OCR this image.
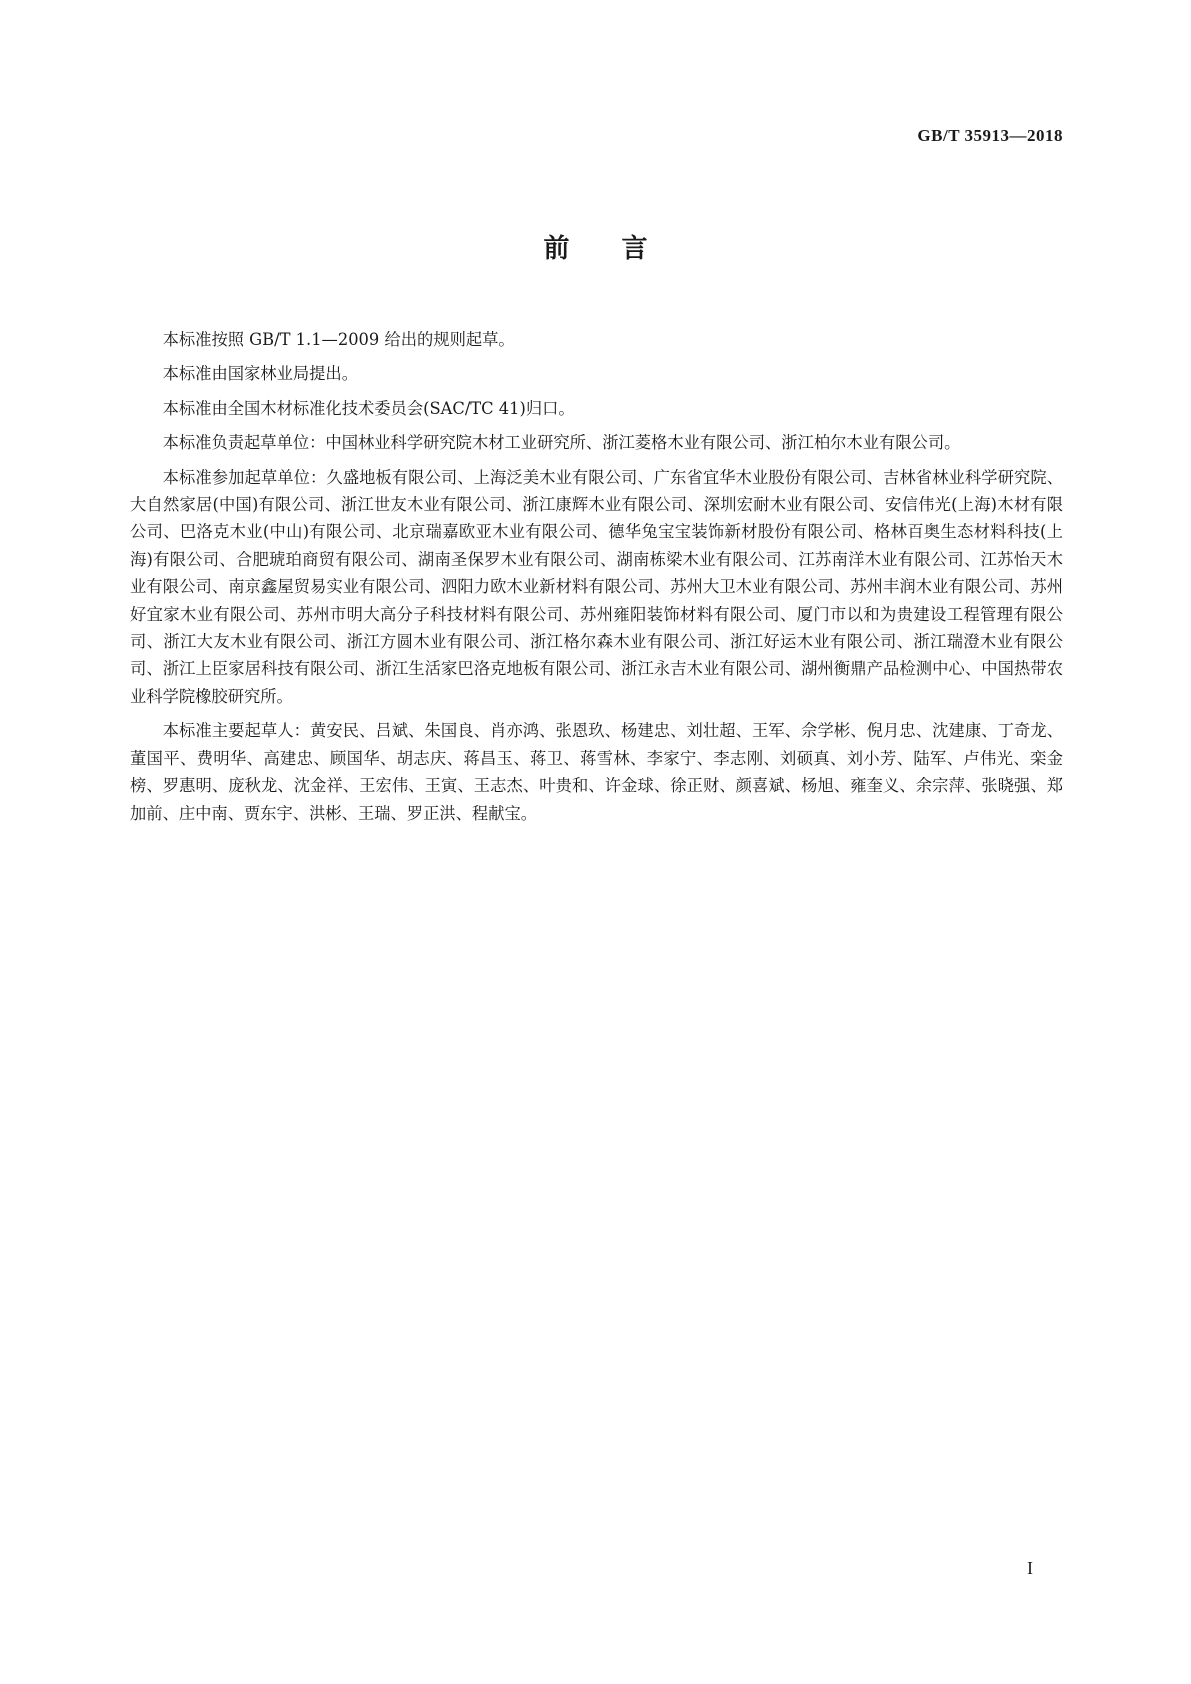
GB/T 35913—2018
前言

本标准按照 GB/T 1.1—2009 给出的规则起草。

本标准由国家林业局提出。

本标准由全国木材标准化技术委员会(SAC/TC 41)归口。

本标准负责起草单位：中国林业科学研究院木材工业研究所、浙江菱格木业有限公司、浙江柏尔木业有限公司。

本标准参加起草单位：久盛地板有限公司、上海泛美木业有限公司、广东省宜华木业股份有限公司、吉林省林业科学研究院、大自然家居(中国)有限公司、浙江世友木业有限公司、浙江康辉木业有限公司、深圳宏耐木业有限公司、安信伟光(上海)木材有限公司、巴洛克木业(中山)有限公司、北京瑞嘉欧亚木业有限公司、德华兔宝宝装饰新材股份有限公司、格林百奥生态材料科技(上海)有限公司、合肥琥珀商贸有限公司、湖南圣保罗木业有限公司、湖南栋梁木业有限公司、江苏南洋木业有限公司、江苏怡天木业有限公司、南京鑫屋贸易实业有限公司、泗阳力欧木业新材料有限公司、苏州大卫木业有限公司、苏州丰润木业有限公司、苏州好宜家木业有限公司、苏州市明大高分子科技材料有限公司、苏州雍阳装饰材料有限公司、厦门市以和为贵建设工程管理有限公司、浙江大友木业有限公司、浙江方圆木业有限公司、浙江格尔森木业有限公司、浙江好运木业有限公司、浙江瑞澄木业有限公司、浙江上臣家居科技有限公司、浙江生活家巴洛克地板有限公司、浙江永吉木业有限公司、湖州衡鼎产品检测中心、中国热带农业科学院橡胶研究所。

本标准主要起草人：黄安民、吕斌、朱国良、肖亦鸿、张恩玖、杨建忠、刘壮超、王军、佘学彬、倪月忠、沈建康、丁奇龙、董国平、费明华、高建忠、顾国华、胡志庆、蒋昌玉、蒋卫、蒋雪林、李家宁、李志刚、刘硕真、刘小芳、陆军、卢伟光、栾金榜、罗惠明、庞秋龙、沈金祥、王宏伟、王寅、王志杰、叶贵和、许金球、徐正财、颜喜斌、杨旭、雍奎义、余宗萍、张晓强、郑加前、庄中南、贾东宇、洪彬、王瑞、罗正洪、程献宝。

I
